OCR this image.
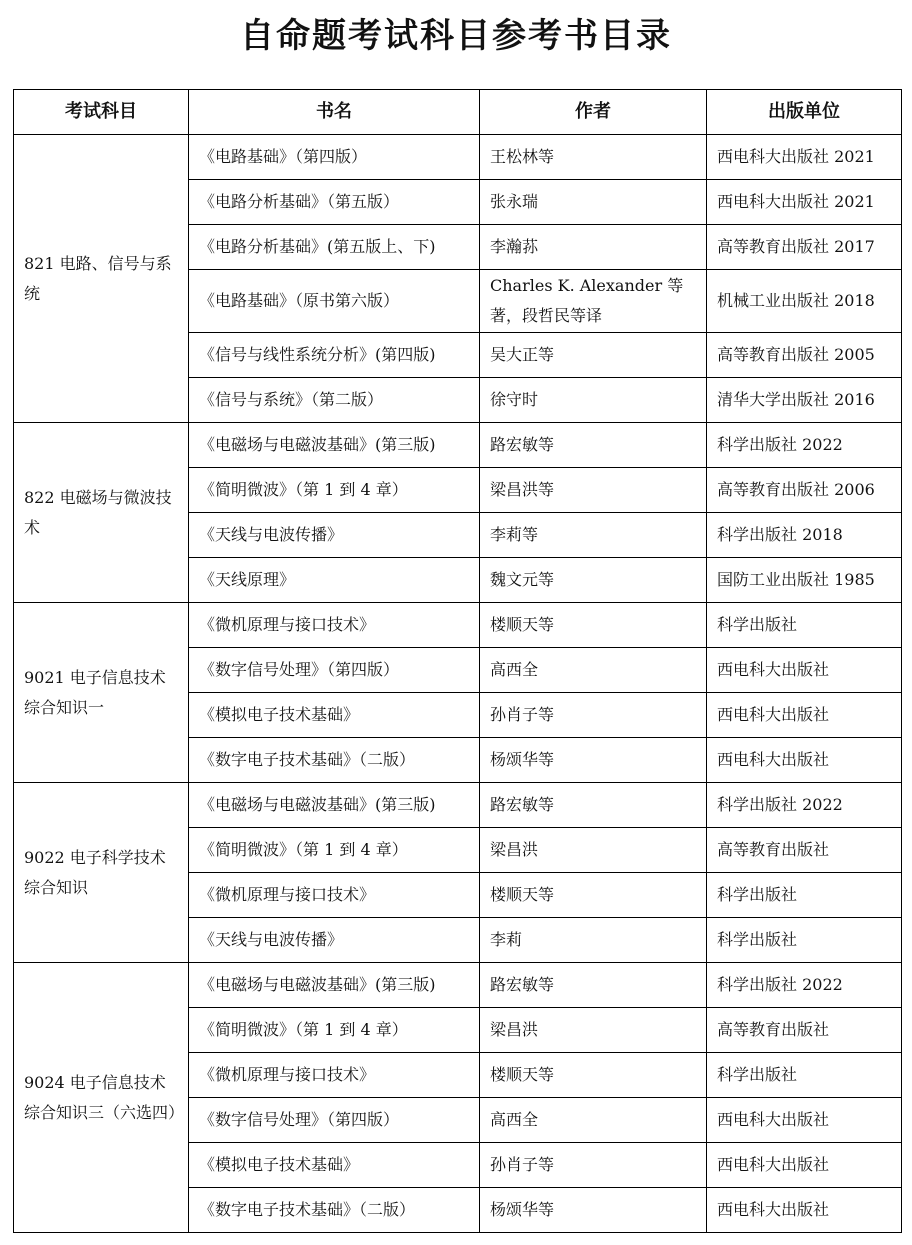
自命题考试科目参考书目录
考试科目	书名	作者	出版单位
821 电路、信号与系统	《电路基础》（第四版）	王松林等	西电科大出版社 2021
	《电路分析基础》（第五版）	张永瑞	西电科大出版社 2021
	《电路分析基础》(第五版上、下)	李瀚荪	高等教育出版社 2017
	《电路基础》（原书第六版）	Charles K. Alexander 等著，段哲民等译	机械工业出版社 2018
	《信号与线性系统分析》(第四版)	吴大正等	高等教育出版社 2005
	《信号与系统》（第二版）	徐守时	清华大学出版社 2016
822 电磁场与微波技术	《电磁场与电磁波基础》(第三版)	路宏敏等	科学出版社 2022
	《简明微波》（第 1 到 4 章）	梁昌洪等	高等教育出版社 2006
	《天线与电波传播》	李莉等	科学出版社 2018
	《天线原理》	魏文元等	国防工业出版社 1985
9021 电子信息技术综合知识一	《微机原理与接口技术》	楼顺天等	科学出版社
	《数字信号处理》（第四版）	高西全	西电科大出版社
	《模拟电子技术基础》	孙肖子等	西电科大出版社
	《数字电子技术基础》（二版）	杨颂华等	西电科大出版社
9022 电子科学技术综合知识	《电磁场与电磁波基础》(第三版)	路宏敏等	科学出版社 2022
	《简明微波》（第 1 到 4 章）	梁昌洪	高等教育出版社
	《微机原理与接口技术》	楼顺天等	科学出版社
	《天线与电波传播》	李莉	科学出版社
9024 电子信息技术综合知识三（六选四）	《电磁场与电磁波基础》(第三版)	路宏敏等	科学出版社 2022
	《简明微波》（第 1 到 4 章）	梁昌洪	高等教育出版社
	《微机原理与接口技术》	楼顺天等	科学出版社
	《数字信号处理》（第四版）	高西全	西电科大出版社
	《模拟电子技术基础》	孙肖子等	西电科大出版社
	《数字电子技术基础》（二版）	杨颂华等	西电科大出版社
